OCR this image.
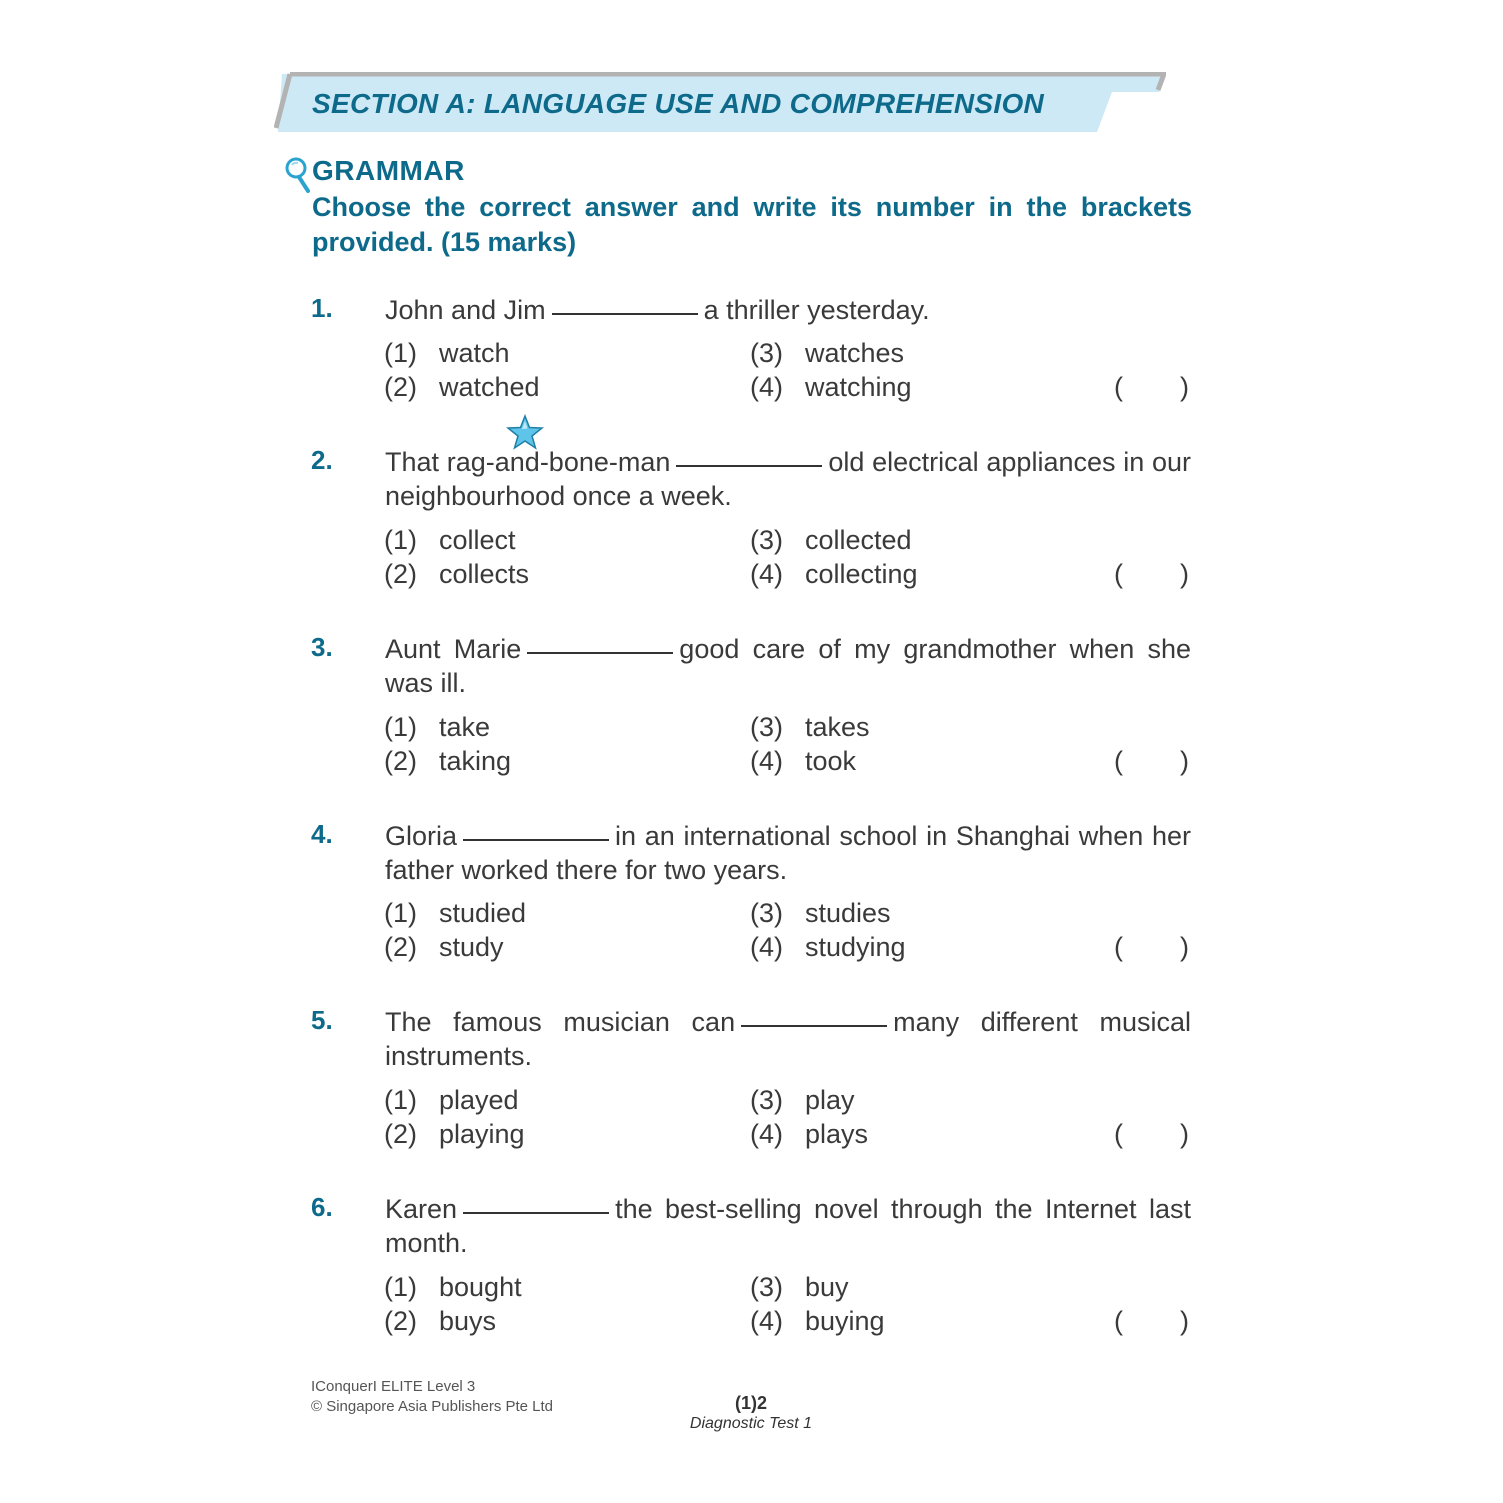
SECTION A: LANGUAGE USE AND COMPREHENSION
GRAMMAR
Choose the correct answer and write its number in the brackets provided. (15 marks)
1. John and Jim	a thriller yesterday.
(1) watch
(2) watched
(3) watches
(4) watching	( )
2. That rag-and-bone-man	old electrical appliances in our neighbourhood once a week.
(1) collect
(2) collects
(3) collected
(4) collecting	( )
3. Aunt Marie	good care of my grandmother when she was ill.
(1) take
(2) taking
(3) takes
(4) took	( )
4. Gloria	in an international school in Shanghai when her father worked there for two years.
(1) studied
(2) study
(3) studies
(4) studying	( )
5. The famous musician can	many different musical instruments.
(1) played
(2) playing
(3) play
(4) plays	( )
6. Karen	the best-selling novel through the Internet last month.
(1) bought
(2) buys
(3) buy
(4) buying	( )
IConquerI ELITE Level 3
© Singapore Asia Publishers Pte Ltd	(1)2
Diagnostic Test 1
